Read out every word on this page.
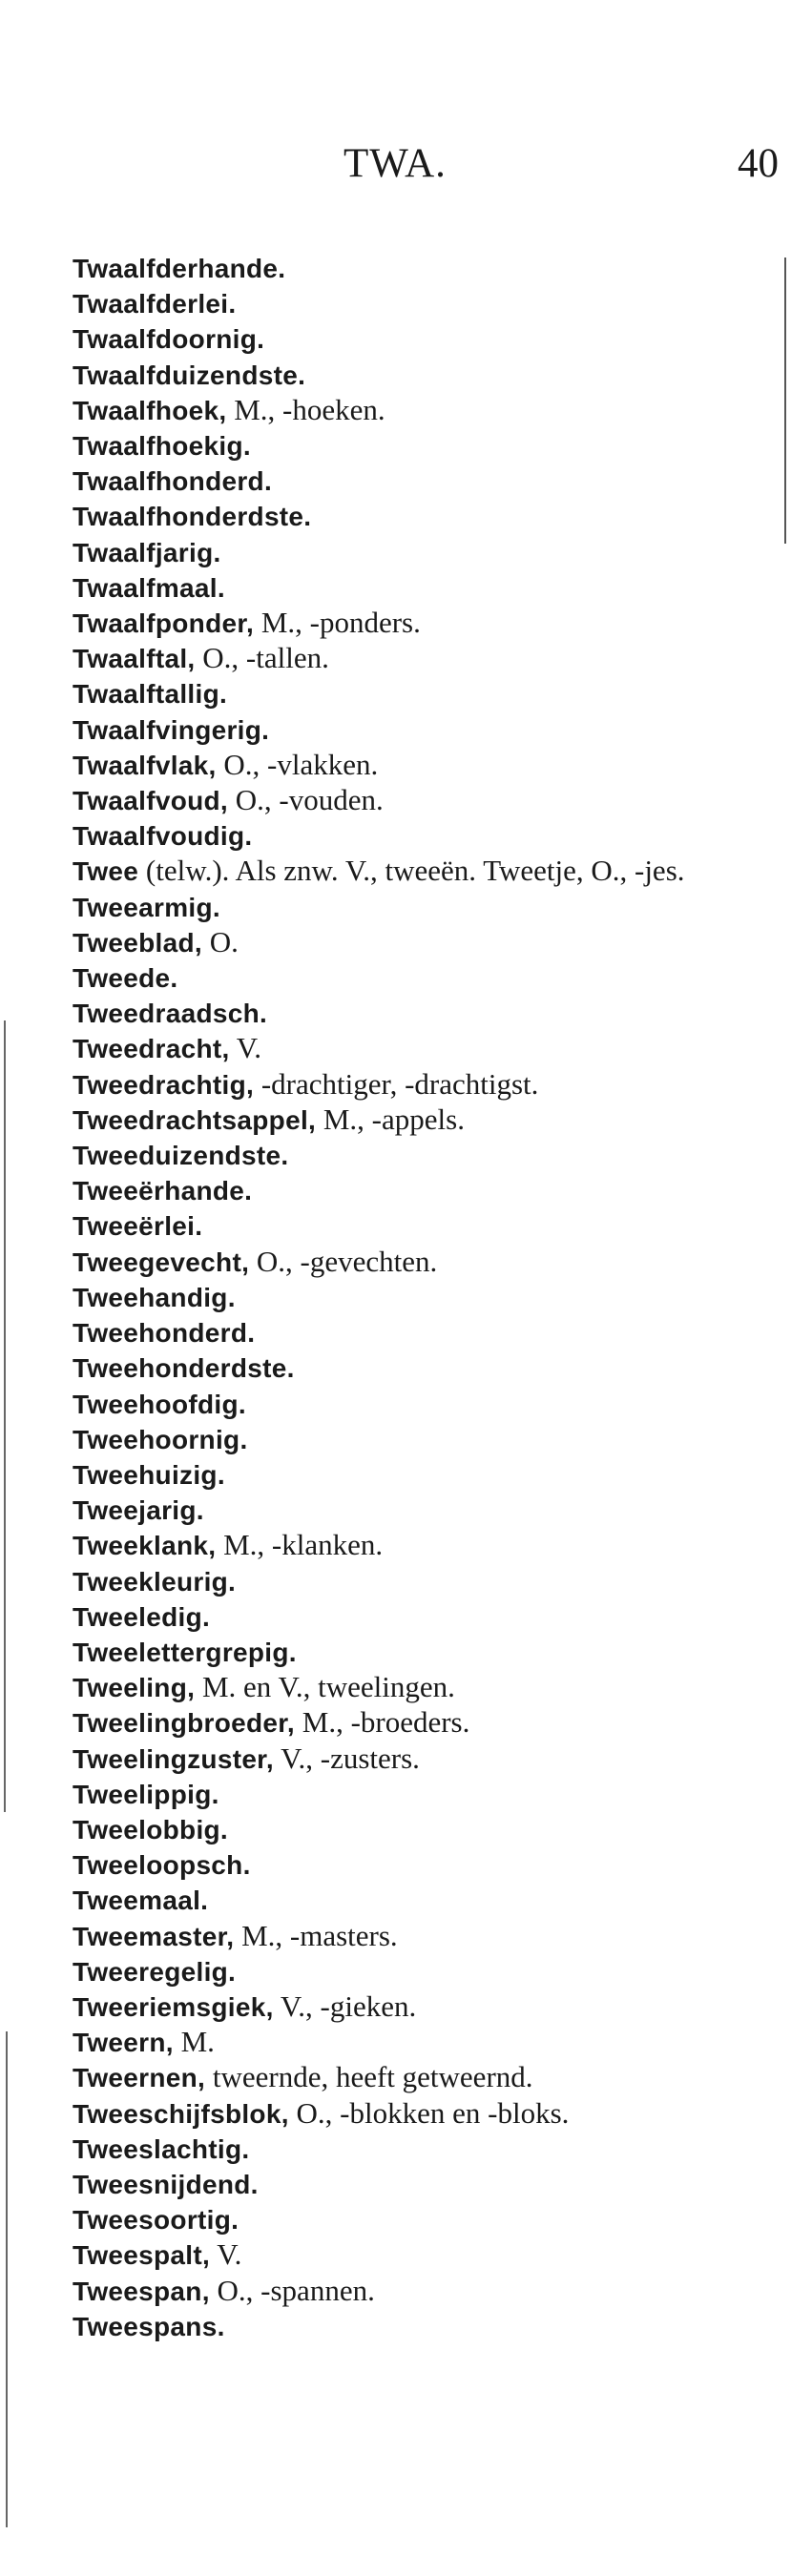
TWA.	40

Twaalfderhande.

Twaalfderlei.

Twaalfdoornig.

Twaalfduizendste.

Twaalfhoek, M., -hoeken.

Twaalfhoekig.

Twaalfhonderd.

Twaalfhonderdste.

Twaalfjarig.

Twaalfmaal.

Twaalfponder, M., -ponders.

Twaalftal, O., -tallen.

Twaalftallig.

Twaalfvingerig.

Twaalfvlak, O., -vlakken.

Twaalfvoud, O., -vouden.

Twaalfvoudig.

Twee (telw.). Als znw. V., tweeën. Tweetje, O., -jes.

Tweearmig.

Tweeblad, O.

Tweede.

Tweedraadsch.

Tweedracht, V.

Tweedrachtig, -drachtiger, -drachtigst.

Tweedrachtsappel, M., -appels.

Tweeduizendste.

Tweeërhande.

Tweeërlei.

Tweegevecht, O., -gevechten.

Tweehandig.

Tweehonderd.

Tweehonderdste.

Tweehoofdig.

Tweehoornig.

Tweehuizig.

Tweejarig.

Tweeklank, M., -klanken.

Tweekleurig.

Tweeledig.

Tweelettergrepig.

Tweeling, M. en V., tweelingen.

Tweelingbroeder, M., -broeders.

Tweelingzuster, V., -zusters.

Tweelippig.

Tweelobbig.

Tweeloopsch.

Tweemaal.

Tweemaster, M., -masters.

Tweeregelig.

Tweeriemsgiek, V., -gieken.

Tweern, M.

Tweernen, tweernde, heeft getweernd.

Tweeschijfsblok, O., -blokken en -bloks.

Tweeslachtig.

Tweesnijdend.

Tweesoortig.

Tweespalt, V.

Tweespan, O., -spannen.

Tweespans.
